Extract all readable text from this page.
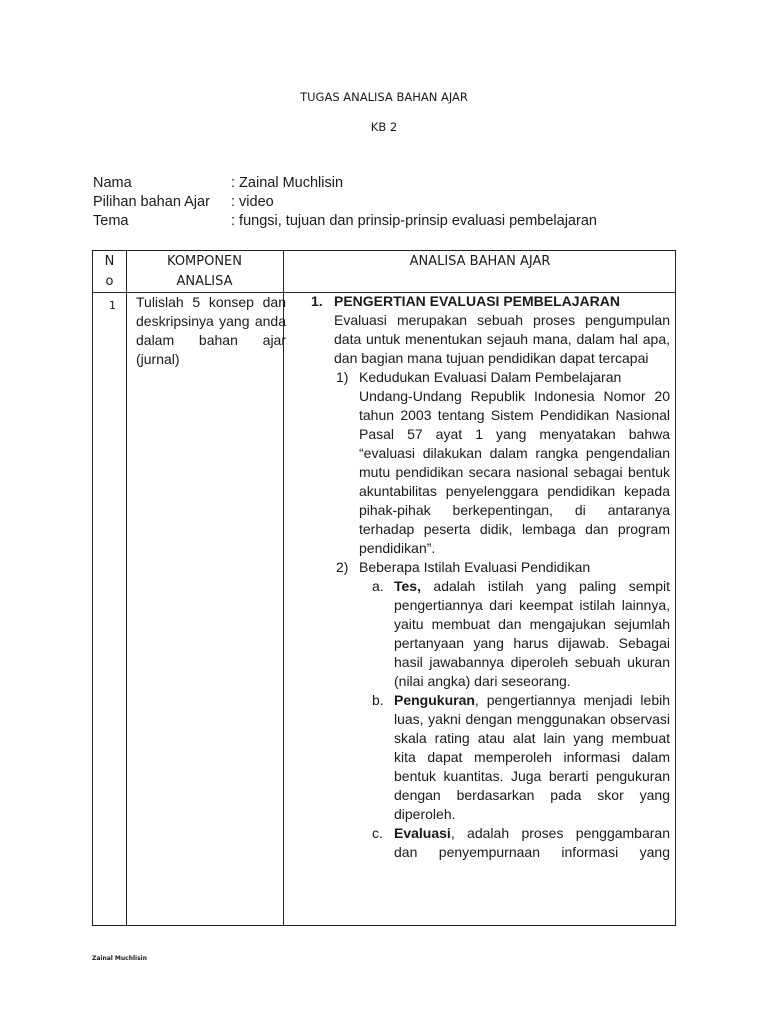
TUGAS ANALISA BAHAN AJAR
KB 2
Nama	: Zainal Muchlisin
Pilihan bahan Ajar : video
Tema	: fungsi, tujuan dan prinsip-prinsip evaluasi pembelajaran
N
o
KOMPONEN
ANALISA
ANALISA BAHAN AJAR
1 Tulislah 5 konsep dan deskripsinya yang anda dalam bahan ajar (jurnal)
1. PENGERTIAN EVALUASI PEMBELAJARAN
Evaluasi merupakan sebuah proses pengumpulan data untuk menentukan sejauh mana, dalam hal apa, dan bagian mana tujuan pendidikan dapat tercapai
1) Kedudukan Evaluasi Dalam Pembelajaran
Undang-Undang Republik Indonesia Nomor 20 tahun 2003 tentang Sistem Pendidikan Nasional Pasal 57 ayat 1 yang menyatakan bahwa “evaluasi dilakukan dalam rangka pengendalian mutu pendidikan secara nasional sebagai bentuk akuntabilitas penyelenggara pendidikan kepada pihak-pihak berkepentingan, di antaranya terhadap peserta didik, lembaga dan program pendidikan”.
2) Beberapa Istilah Evaluasi Pendidikan
a. Tes, adalah istilah yang paling sempit pengertiannya dari keempat istilah lainnya, yaitu membuat dan mengajukan sejumlah pertanyaan yang harus dijawab. Sebagai hasil jawabannya diperoleh sebuah ukuran (nilai angka) dari seseorang.
b. Pengukuran, pengertiannya menjadi lebih luas, yakni dengan menggunakan observasi skala rating atau alat lain yang membuat kita dapat memperoleh informasi dalam bentuk kuantitas. Juga berarti pengukuran dengan berdasarkan pada skor yang diperoleh.
c. Evaluasi, adalah proses penggambaran dan penyempurnaan informasi yang
Zainal Muchlisin
